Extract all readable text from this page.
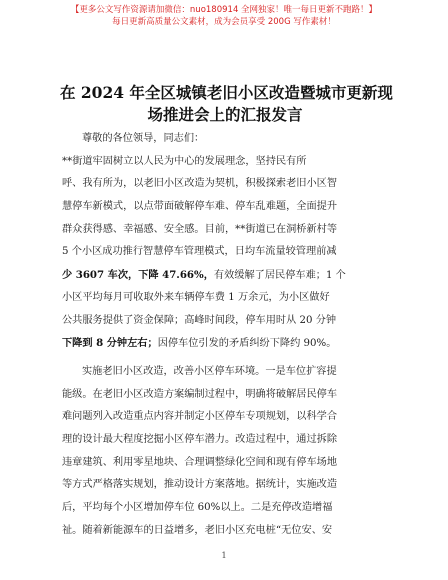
【更多公文写作资源请加微信：nuo180914 全网独家！唯一每日更新不跑路！】
每日更新高质量公文素材，成为会员享受 200G 写作素材！
在 2024 年全区城镇老旧小区改造暨城市更新现
场推进会上的汇报发言
尊敬的各位领导，同志们：
**街道牢固树立以人民为中心的发展理念，坚持民有所
呼、我有所为，以老旧小区改造为契机，积极探索老旧小区智
慧停车新模式，以点带面破解停车难、停车乱难题，全面提升
群众获得感、幸福感、安全感。目前，**街道已在洞桥新村等
5 个小区成功推行智慧停车管理模式，日均车流量较管理前减
少 3607 车次，下降 47.66%，有效缓解了居民停车难；1 个
小区平均每月可收取外来车辆停车费 1 万余元，为小区做好
公共服务提供了资金保障；高峰时间段，停车用时从 20 分钟
下降到 8 分钟左右；因停车位引发的矛盾纠纷下降约 90%。
实施老旧小区改造，改善小区停车环境。一是车位扩容提
能级。在老旧小区改造方案编制过程中，明确将破解居民停车
难问题列入改造重点内容并制定小区停车专项规划，以科学合
理的设计最大程度挖掘小区停车潜力。改造过程中，通过拆除
违章建筑、利用零星地块、合理调整绿化空间和现有停车场地
等方式严格落实规划，推动设计方案落地。据统计，实施改造
后，平均每个小区增加停车位 60%以上。二是充停改造增福
祉。随着新能源车的日益增多，老旧小区充电桩“无位安、安
1
